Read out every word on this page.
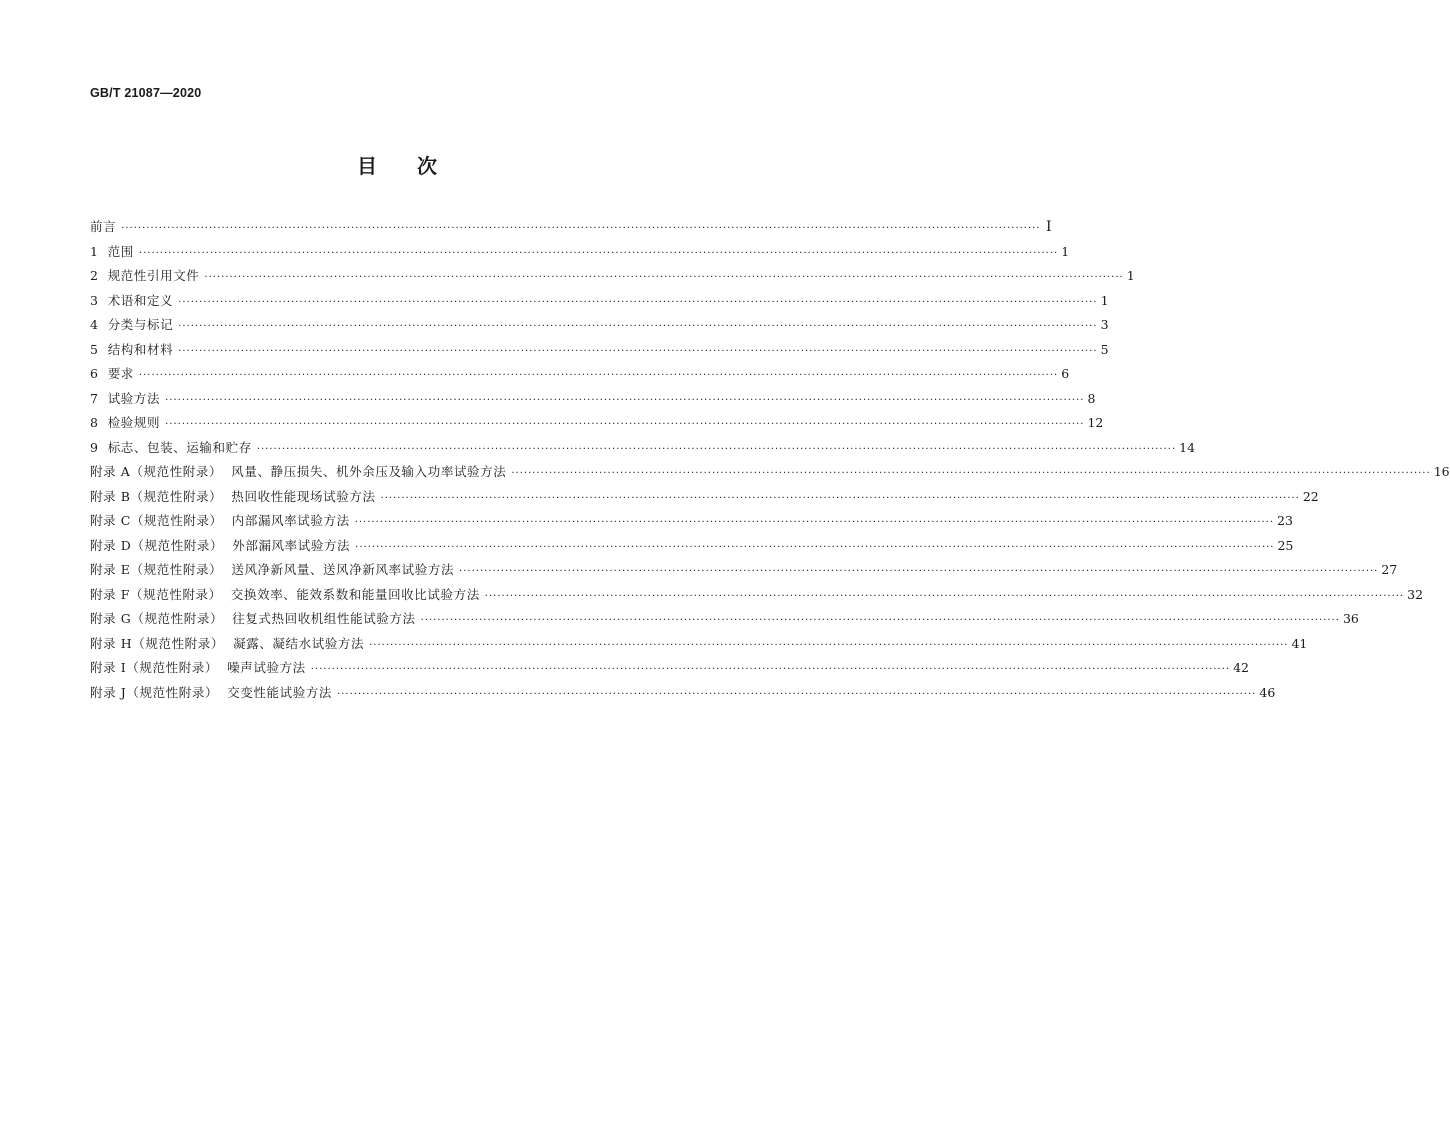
GB/T 21087—2020
目次
前言 ···························································································································································································································· Ⅰ
1  范围 ···························································································································································································································· 1
2  规范性引用文件 ···························································································································································································································· 1
3  术语和定义 ···························································································································································································································· 1
4  分类与标记 ···························································································································································································································· 3
5  结构和材料 ···························································································································································································································· 5
6  要求 ···························································································································································································································· 6
7  试验方法 ···························································································································································································································· 8
8  检验规则 ···························································································································································································································· 12
9  标志、包装、运输和贮存 ···························································································································································································································· 14
附录 A（规范性附录）  风量、静压损失、机外余压及输入功率试验方法 ···························································································································································································································· 16
附录 B（规范性附录）  热回收性能现场试验方法 ···························································································································································································································· 22
附录 C（规范性附录）  内部漏风率试验方法 ···························································································································································································································· 23
附录 D（规范性附录）  外部漏风率试验方法 ···························································································································································································································· 25
附录 E（规范性附录）  送风净新风量、送风净新风率试验方法 ···························································································································································································································· 27
附录 F（规范性附录）  交换效率、能效系数和能量回收比试验方法 ···························································································································································································································· 32
附录 G（规范性附录）  往复式热回收机组性能试验方法 ···························································································································································································································· 36
附录 H（规范性附录）  凝露、凝结水试验方法 ···························································································································································································································· 41
附录 I（规范性附录）  噪声试验方法 ···························································································································································································································· 42
附录 J（规范性附录）  交变性能试验方法 ···························································································································································································································· 46
